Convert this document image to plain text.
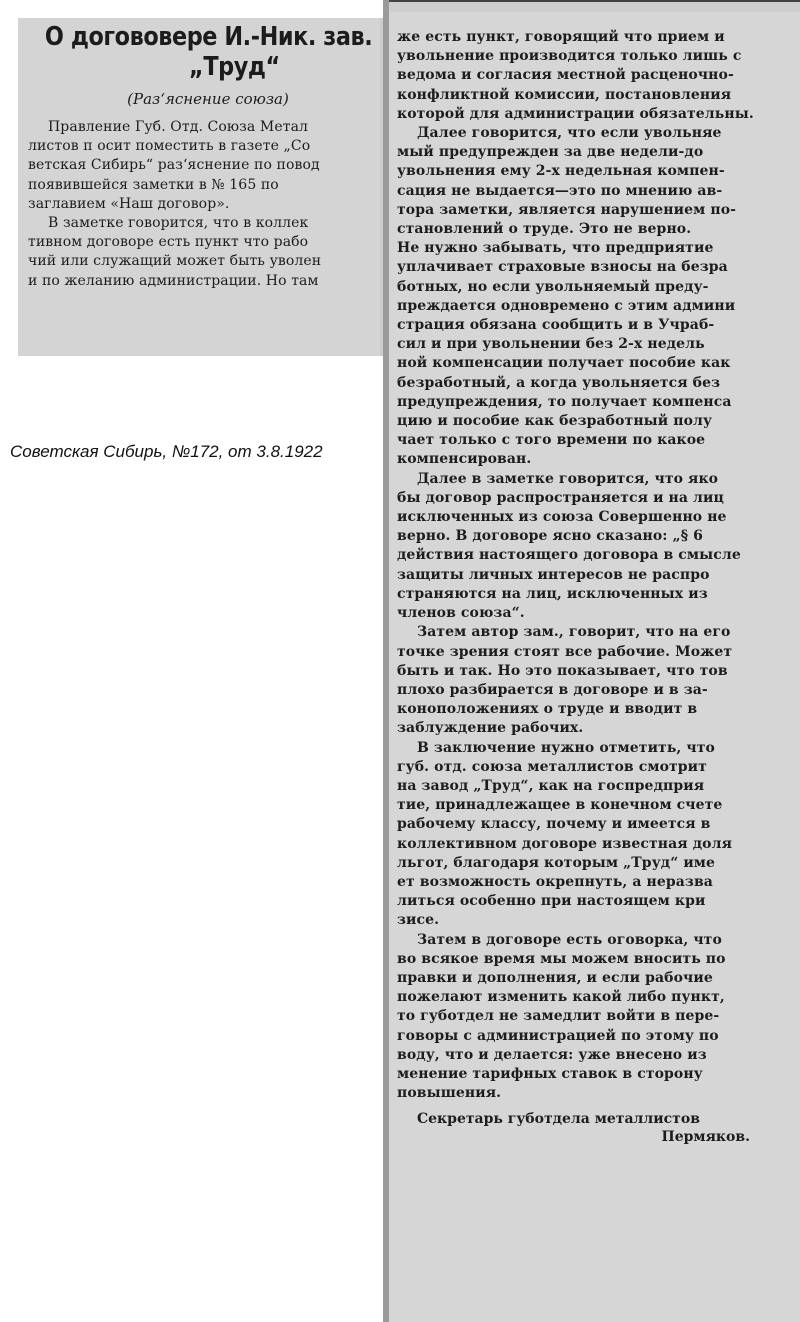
О догововерe И.-Ник. зав.
„Труд“
(Раз‘яснение союза)

Правление Губ. Отд. Союза Метал
листов п осит поместить в газете „Со
ветская Сибирь“ раз‘яснение по повод
появившейся заметки в № 165 по
заглавием «Наш договор».

В заметке говорится, что в коллек
тивном договоре есть пункт что рабо
чий или служащий может быть уволен
и по желанию администрации. Но там

Советская Сибирь, №172, от 3.8.1922

же есть пункт, говорящий что прием и
увольнение производится только лишь с
ведома и согласия местной расценочно-
конфликтной комиссии, постановления
которой для администрации обязательны.

Далее говорится, что если увольняе
мый предупрежден за две недели-до
увольнения ему 2-х недельная компен-
сация не выдается—это по мнению ав-
тора заметки, является нарушением по-
становлений о труде. Это не верно.
Не нужно забывать, что предприятие
уплачивает страховые взносы на безра
ботных, но если увольняемый преду-
преждается одновремено с этим админи
страция обязана сообщить и в Учраб-
сил и при увольнении без 2-х недель
ной компенсации получает пособие как
безработный, а когда увольняется без
предупреждения, то получает компенса
цию и пособие как безработный полу
чает только с того времени по какое
компенсирован.

Далее в заметке говорится, что яко
бы договор распространяется и на лиц
исключенных из союза Совершенно не
верно. В договоре ясно сказано: „§ 6
действия настоящего договора в смысле
защиты личных интересов не распро
страняются на лиц, исключенных из
членов союза“.

Затем автор зам., говорит, что на его
точке зрения стоят все рабочие. Может
быть и так. Но это показывает, что тов
плохо разбирается в договоре и в за-
коноположениях о труде и вводит в
заблуждение рабочих.

В заключение нужно отметить, что
губ. отд. союза металлистов смотрит
на завод „Труд“, как на госпредприя
тие, принадлежащее в конечном счете
рабочему классу, почему и имеется в
коллективном договоре известная доля
льгот, благодаря которым „Труд“ име
ет возможность окрепнуть, а неразва
литься особенно при настоящем кри
зисе.

Затем в договоре есть оговорка, что
во всякое время мы можем вносить по
правки и дополнения, и если рабочие
пожелают изменить какой либо пункт,
то губотдел не замедлит войти в пере-
говоры с администрацией по этому по
воду, что и делается: уже внесено из
менение тарифных ставок в сторону
повышения.

Секретарь губотдела металлистов
Пермяков.
